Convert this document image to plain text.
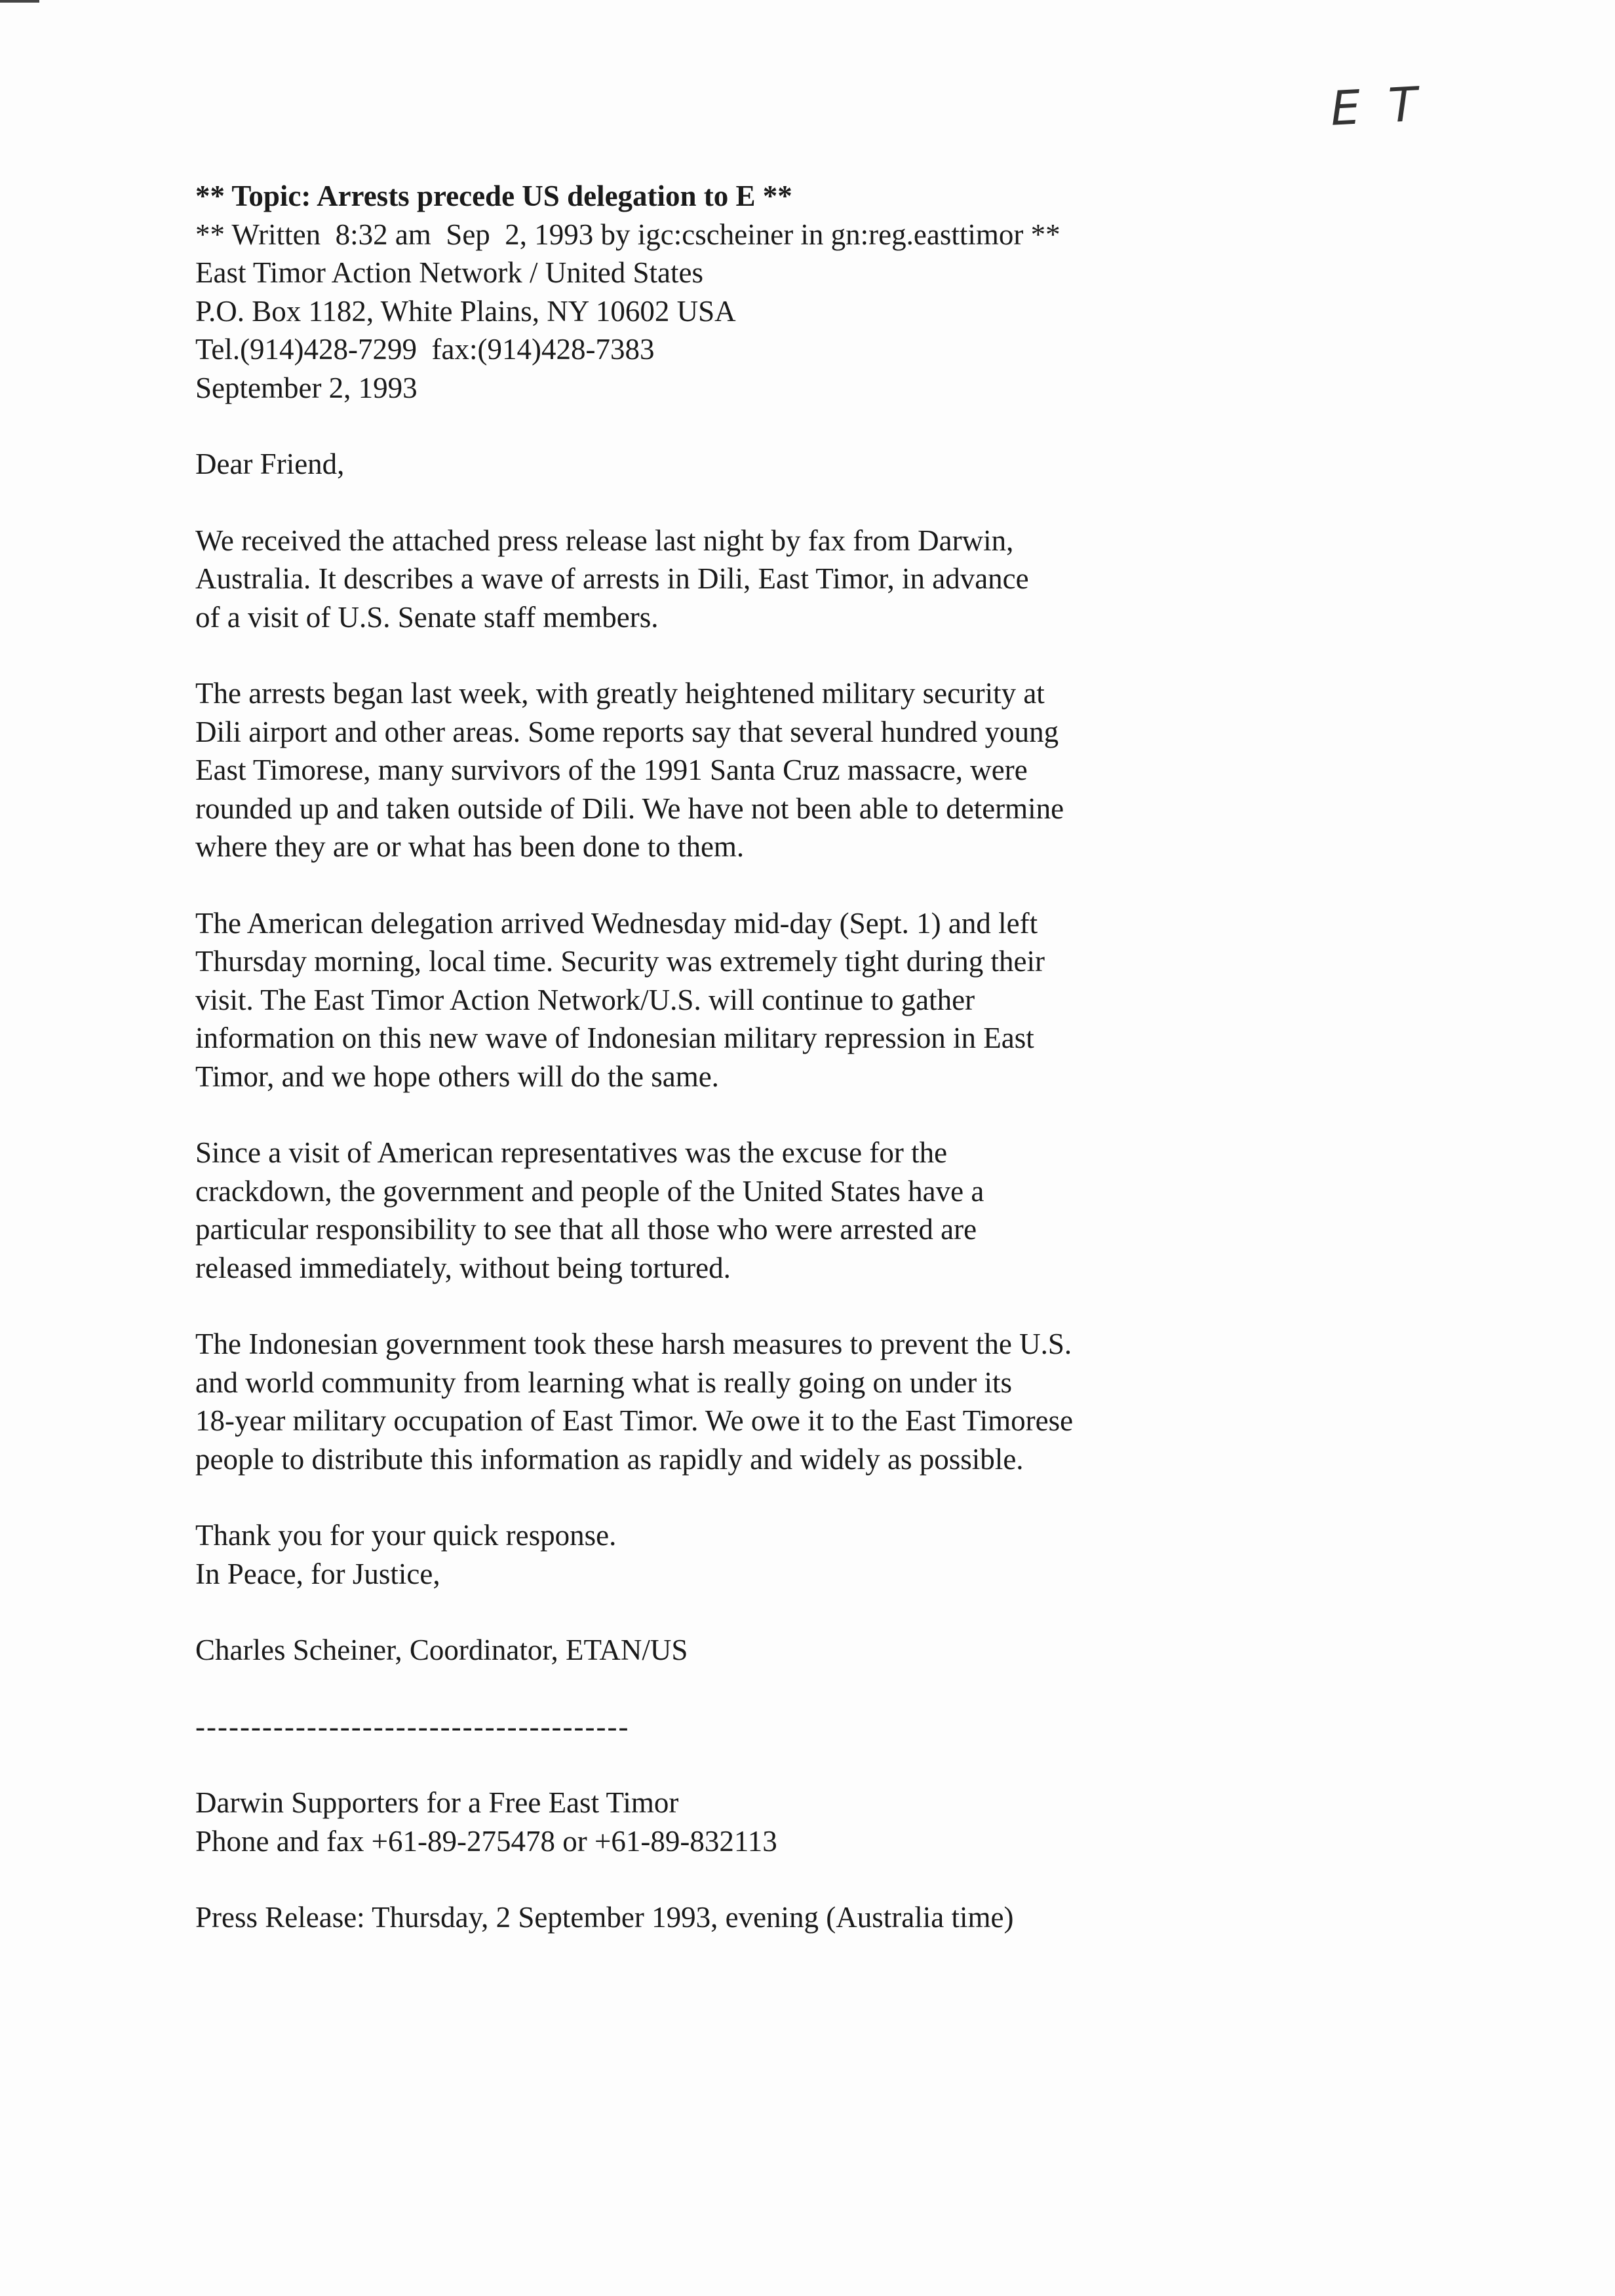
E T
** Topic: Arrests precede US delegation to E **
** Written  8:32 am  Sep  2, 1993 by igc:cscheiner in gn:reg.easttimor **
East Timor Action Network / United States
P.O. Box 1182, White Plains, NY 10602 USA
Tel.(914)428-7299  fax:(914)428-7383
September 2, 1993
Dear Friend,
We received the attached press release last night by fax from Darwin,
Australia. It describes a wave of arrests in Dili, East Timor, in advance
of a visit of U.S. Senate staff members.
The arrests began last week, with greatly heightened military security at
Dili airport and other areas. Some reports say that several hundred young
East Timorese, many survivors of the 1991 Santa Cruz massacre, were
rounded up and taken outside of Dili. We have not been able to determine
where they are or what has been done to them.
The American delegation arrived Wednesday mid-day (Sept. 1) and left
Thursday morning, local time. Security was extremely tight during their
visit. The East Timor Action Network/U.S. will continue to gather
information on this new wave of Indonesian military repression in East
Timor, and we hope others will do the same.
Since a visit of American representatives was the excuse for the
crackdown, the government and people of the United States have a
particular responsibility to see that all those who were arrested are
released immediately, without being tortured.
The Indonesian government took these harsh measures to prevent the U.S.
and world community from learning what is really going on under its
18-year military occupation of East Timor. We owe it to the East Timorese
people to distribute this information as rapidly and widely as possible.
Thank you for your quick response.
In Peace, for Justice,
Charles Scheiner, Coordinator, ETAN/US
---------------------------------------
Darwin Supporters for a Free East Timor
Phone and fax +61-89-275478 or +61-89-832113
Press Release: Thursday, 2 September 1993, evening (Australia time)
